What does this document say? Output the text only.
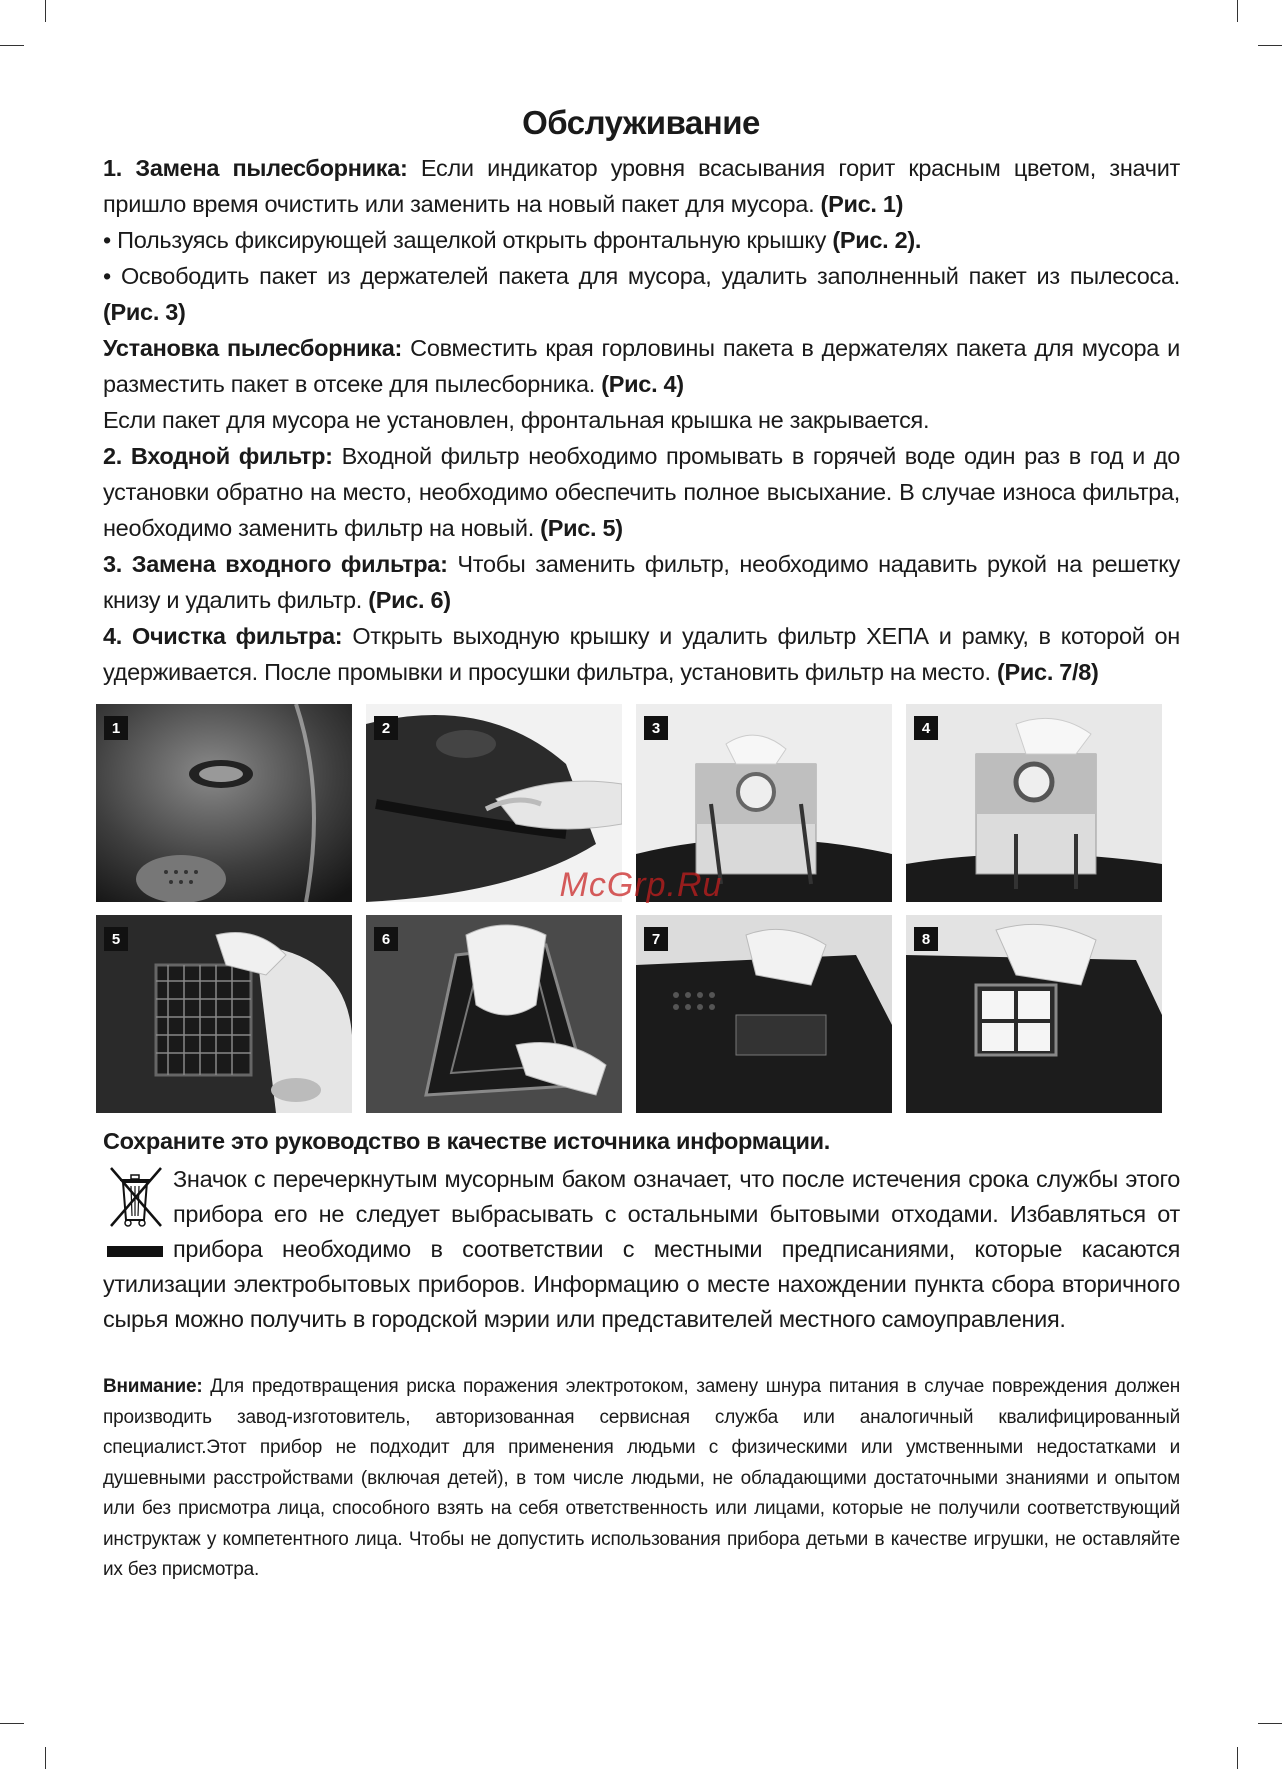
Обслуживание

1. Замена пылесборника: Если индикатор уровня всасывания горит красным цветом, значит пришло время очистить или заменить на новый пакет для мусора. (Рис. 1)

• Пользуясь фиксирующей защелкой открыть фронтальную крышку (Рис. 2).

• Освободить пакет из держателей пакета для мусора, удалить заполненный пакет из пылесоса. (Рис. 3)

Установка пылесборника: Совместить края горловины пакета в держателях пакета для мусора и разместить пакет в отсеке для пылесборника. (Рис. 4)

Если пакет для мусора не установлен, фронтальная крышка не закрывается.

2. Входной фильтр: Входной фильтр необходимо промывать в горячей воде один раз в год и до установки обратно на место, необходимо обеспечить полное высыхание. В случае износа фильтра, необходимо заменить фильтр на новый. (Рис. 5)

3. Замена входного фильтра: Чтобы заменить фильтр, необходимо надавить рукой на решетку книзу и удалить фильтр. (Рис. 6)

4. Очистка фильтра: Открыть выходную крышку и удалить фильтр ХЕПА и рамку, в которой он удерживается. После промывки и просушки фильтра, установить фильтр на место. (Рис. 7/8)

1	2	3	4
5	6	7	8
McGrp.Ru
Сохраните это руководство в качестве источника информации.

Значок с перечеркнутым мусорным баком означает, что после истечения срока службы этого прибора его не следует выбрасывать с остальными бытовыми отходами. Избавляться от прибора необходимо в соответствии с местными предписаниями, которые касаются утилизации электробытовых приборов. Информацию о месте нахождении пункта сбора вторичного сырья можно получить в городской мэрии или представителей местного самоуправления.

Внимание: Для предотвращения риска поражения электротоком, замену шнура питания в случае повреждения должен производить завод-изготовитель, авторизованная сервисная служба или аналогичный квалифицированный специалист.Этот прибор не подходит для применения людьми с физическими или умственными недостатками и душевными расстройствами (включая детей), в том числе людьми, не обладающими достаточными знаниями и опытом или без присмотра лица, способного взять на себя ответственность или лицами, которые не получили соответствующий инструктаж у компетентного лица. Чтобы не допустить использования прибора детьми в качестве игрушки, не оставляйте их без присмотра.
